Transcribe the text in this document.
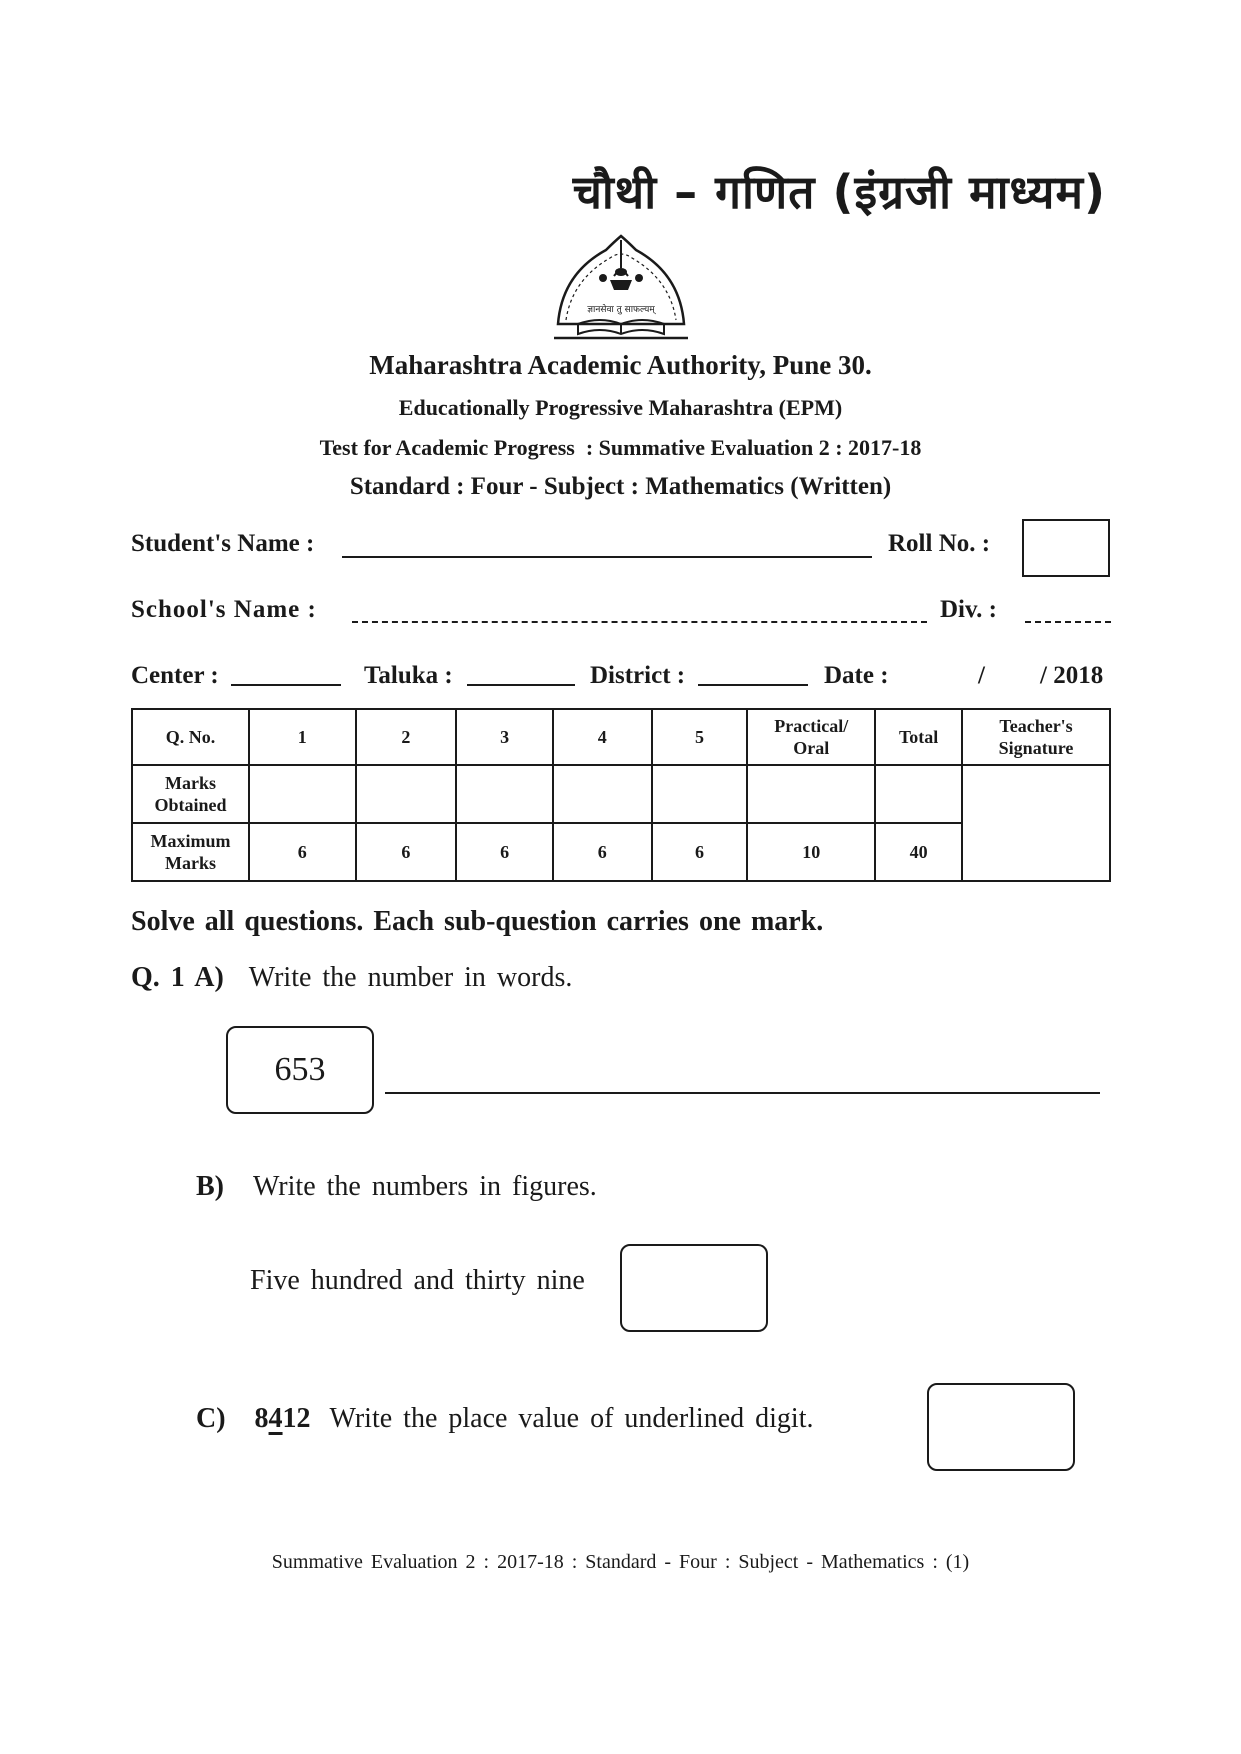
चौथी – गणित (इंग्रजी माध्यम)
ज्ञानसेवा तु साफल्यम्
Maharashtra Academic Authority, Pune 30.
Educationally Progressive Maharashtra (EPM)
Test for Academic Progress  : Summative Evaluation 2 : 2017-18
Standard : Four - Subject : Mathematics (Written)
Student's Name :	Roll No. :
School's Name :	Div. :
Center :	Taluka :	District :	Date :	/ / 2018
Q. No.	1	2	3	4	5	Practical/ Oral	Total	Teacher's Signature
Marks Obtained								
Maximum Marks	6	6	6	6	6	10	40	
Solve all questions. Each sub-question carries one mark.
Q. 1 A) Write the number in words.
653
B) Write the numbers in figures.
Five hundred and thirty nine
C) 8412 Write the place value of underlined digit.
Summative Evaluation 2 : 2017-18 : Standard - Four : Subject - Mathematics : (1)
